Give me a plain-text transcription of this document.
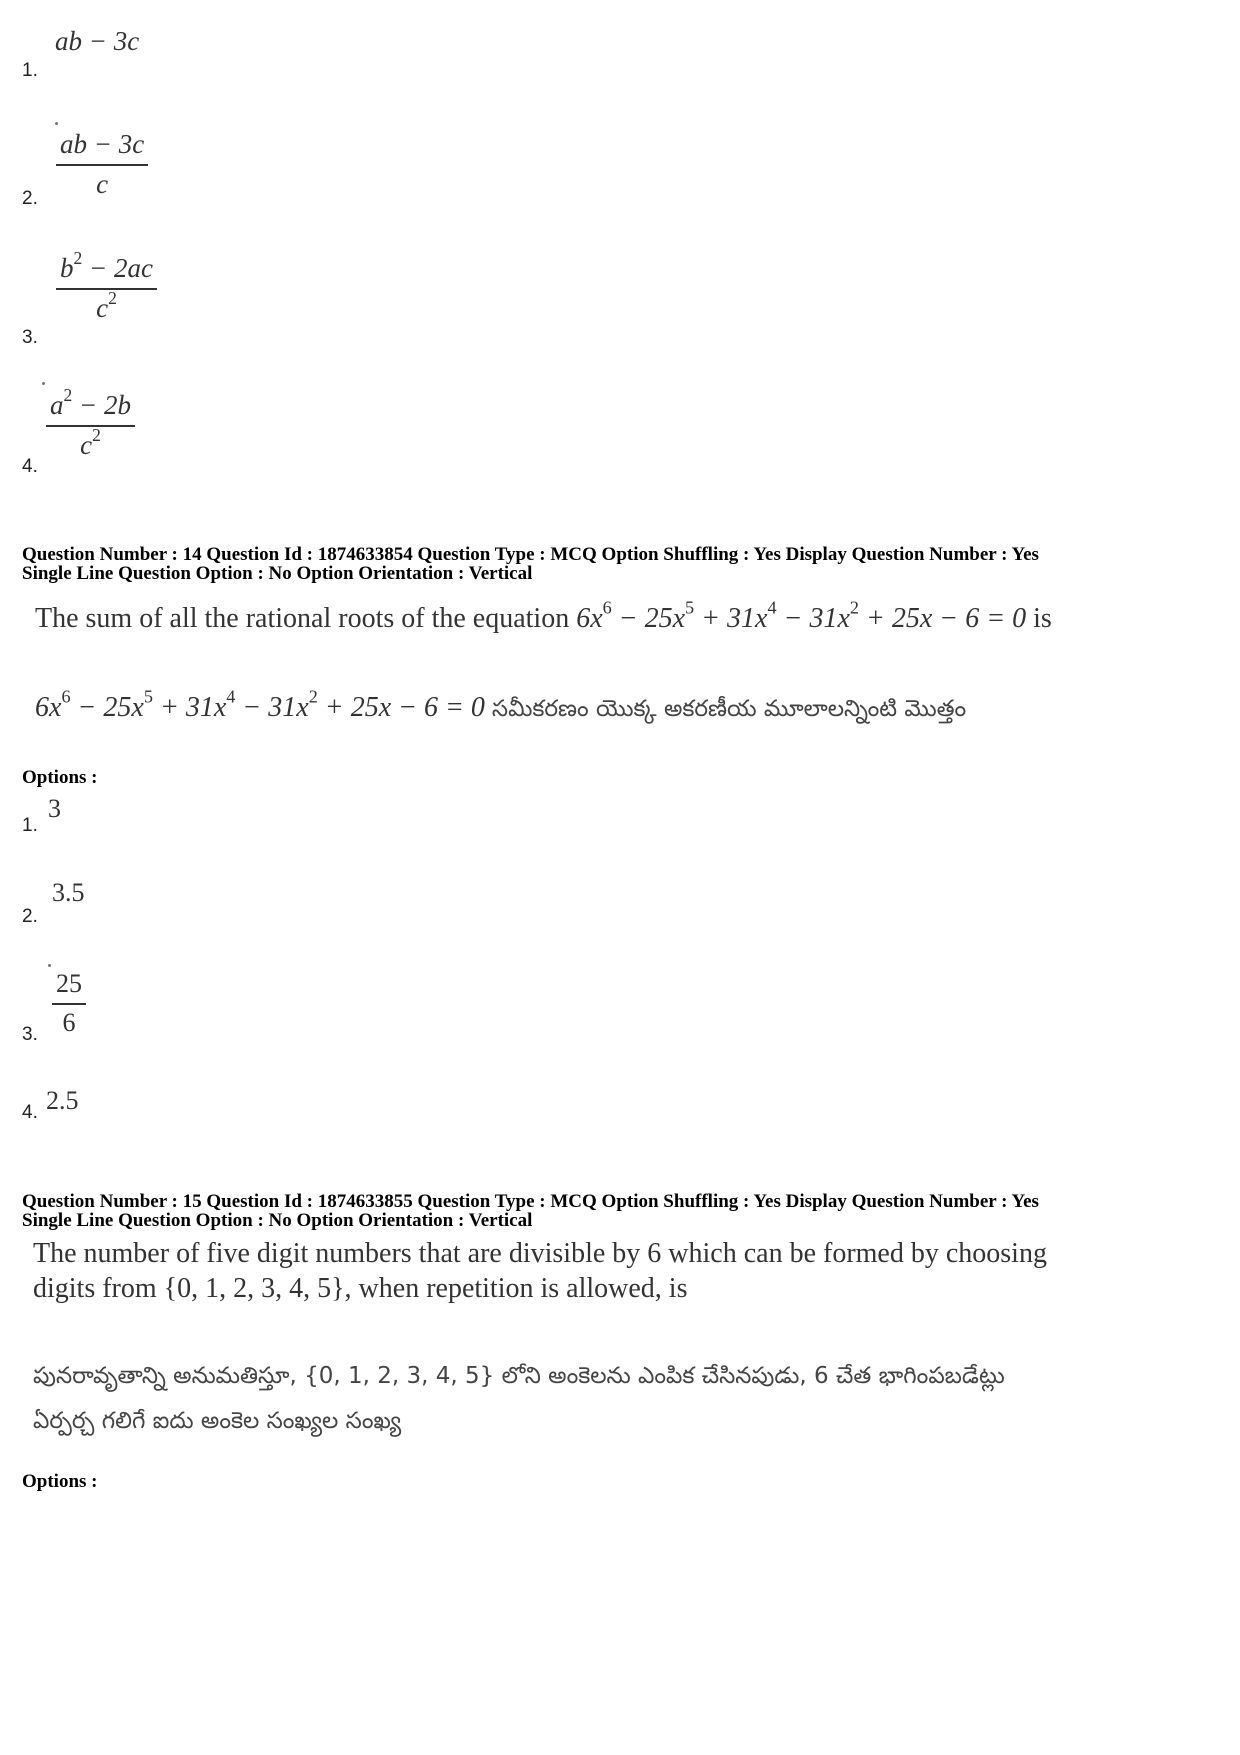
1.
ab − 3c
2. $\frac{ab - 3c}{c}$
3.
$\frac{b^2 - 2ac}{c^2}$
4.
$\frac{a^2 - 2b}{c^2}$
Question Number : 14 Question Id : 1874633854 Question Type : MCQ Option Shuffling : Yes Display Question Number : Yes
Single Line Question Option : No Option Orientation : Vertical
The sum of all the rational roots of the equation $6x^6 - 25x^5 + 31x^4 - 31x^2 + 25x - 6 = 0$ is
$6x^6 - 25x^5 + 31x^4 - 31x^2 + 25x - 6 = 0$ సమీకరణం యొక్క అకరణీయ మూలాలన్నింటి మొత్తం
Options :
1.
3
2.
3.5
3. $\frac{25}{6}$
4. 2.5
Question Number : 15 Question Id : 1874633855 Question Type : MCQ Option Shuffling : Yes Display Question Number : Yes
Single Line Question Option : No Option Orientation : Vertical
The number of five digit numbers that are divisible by 6 which can be formed by choosing
digits from {0, 1, 2, 3, 4, 5}, when repetition is allowed, is
పునరావృతాన్ని అనుమతిస్తూ, {0, 1, 2, 3, 4, 5} లోని అంకెలను ఎంపిక చేసినపుడు, 6 చేత భాగింపబడేట్లు
ఏర్పర్చ గలిగే ఐదు అంకెల సంఖ్యల సంఖ్య
Options :
